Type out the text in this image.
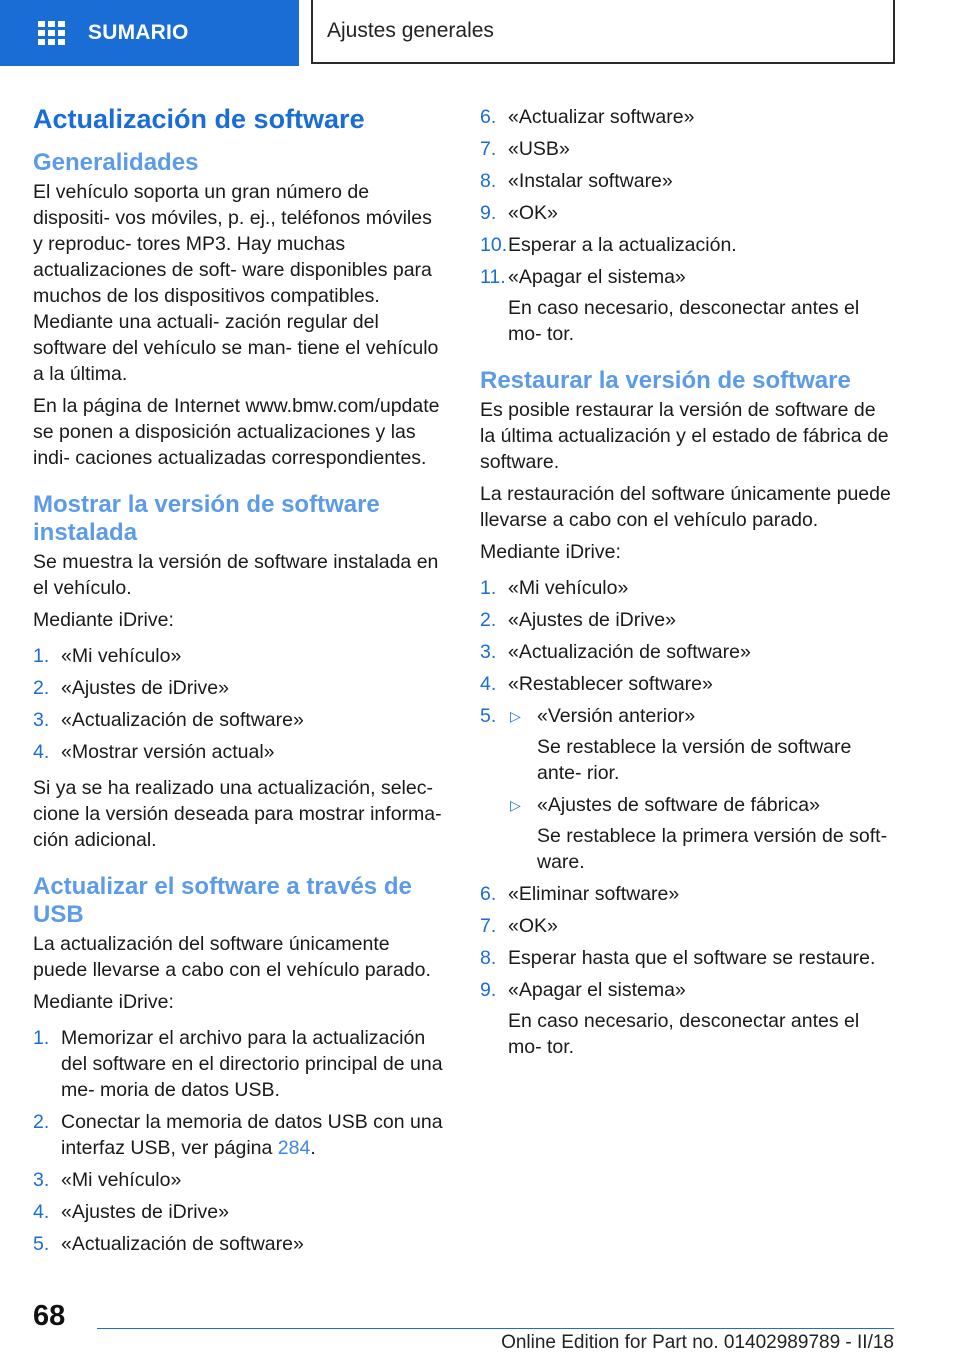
SUMARIO	Ajustes generales
Actualización de software
Generalidades

El vehículo soporta un gran número de dispositi‐ vos móviles, p. ej., teléfonos móviles y reproduc‐ tores MP3. Hay muchas actualizaciones de soft‐ ware disponibles para muchos de los dispositivos compatibles. Mediante una actuali‐ zación regular del software del vehículo se man‐ tiene el vehículo a la última.

En la página de Internet www.bmw.com/update se ponen a disposición actualizaciones y las indi‐ caciones actualizadas correspondientes.

Mostrar la versión de software instalada

Se muestra la versión de software instalada en el vehículo.

Mediante iDrive:

1. «Mi vehículo»
2. «Ajustes de iDrive»
3. «Actualización de software»
4. «Mostrar versión actual»

Si ya se ha realizado una actualización, selec‐ cione la versión deseada para mostrar informa‐ ción adicional.

Actualizar el software a través de USB

La actualización del software únicamente puede llevarse a cabo con el vehículo parado.

Mediante iDrive:

1. Memorizar el archivo para la actualización del software en el directorio principal de una me‐ moria de datos USB.
2. Conectar la memoria de datos USB con una interfaz USB, ver página 284.
3. «Mi vehículo»
4. «Ajustes de iDrive»
5. «Actualización de software»
6. «Actualizar software»
7. «USB»
8. «Instalar software»
9. «OK»
10. Esperar a la actualización.
11. «Apagar el sistema»
En caso necesario, desconectar antes el mo‐ tor.
Restaurar la versión de software

Es posible restaurar la versión de software de la última actualización y el estado de fábrica de software.

La restauración del software únicamente puede llevarse a cabo con el vehículo parado.

Mediante iDrive:

1. «Mi vehículo»
2. «Ajustes de iDrive»
3. «Actualización de software»
4. «Restablecer software»
5. ▷ «Versión anterior»
Se restablece la versión de software ante‐ rior.
▷ «Ajustes de software de fábrica»
Se restablece la primera versión de soft‐ ware.
6. «Eliminar software»
7. «OK»
8. Esperar hasta que el software se restaure.
9. «Apagar el sistema»
En caso necesario, desconectar antes el mo‐ tor.
68
Online Edition for Part no. 01402989789 - II/18
